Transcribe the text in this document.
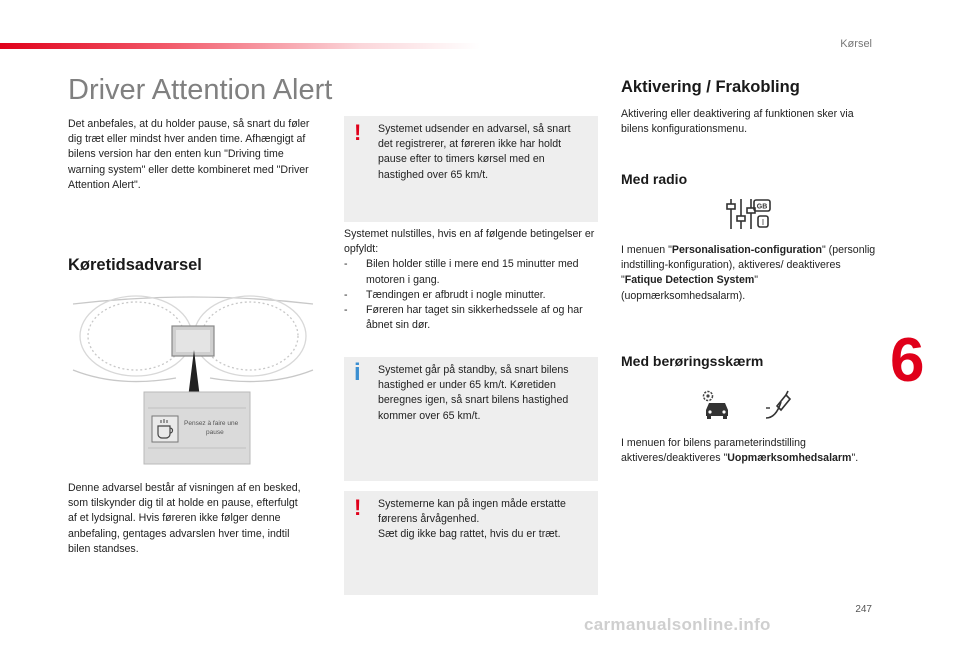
Kørsel
Driver Attention Alert
Det anbefales, at du holder pause, så snart du føler dig træt eller mindst hver anden time. Afhængigt af bilens version har den enten kun "Driving time warning system" eller dette kombineret med "Driver Attention Alert".
Køretidsadvarsel
Pensez à faire une
pause
Denne advarsel består af visningen af en besked, som tilskynder dig til at holde en pause, efterfulgt af et lydsignal. Hvis føreren ikke følger denne anbefaling, gentages advarslen hver time, indtil bilen standses.
! Systemet udsender en advarsel, så snart det registrerer, at føreren ikke har holdt pause efter to timers kørsel med en hastighed over 65 km/t.
Systemet nulstilles, hvis en af følgende betingelser er opfyldt:
- Bilen holder stille i mere end 15 minutter med motoren i gang.
- Tændingen er afbrudt i nogle minutter.
- Føreren har taget sin sikkerhedssele af og har åbnet sin dør.
i Systemet går på standby, så snart bilens hastighed er under 65 km/t. Køretiden beregnes igen, så snart bilens hastighed kommer over 65 km/t.
! Systemerne kan på ingen måde erstatte førerens årvågenhed.
Sæt dig ikke bag rattet, hvis du er træt.
Aktivering / Frakobling
Aktivering eller deaktivering af funktionen sker via bilens konfigurationsmenu.
Med radio
GB
I
I menuen "Personalisation-configuration" (personlig indstilling-konfiguration), aktiveres/ deaktiveres "Fatique Detection System" (uopmærksomhedsalarm).
Med berøringsskærm
I menuen for bilens parameterindstilling aktiveres/deaktiveres "Uopmærksomhedsalarm".
6
247
carmanualsonline.info
